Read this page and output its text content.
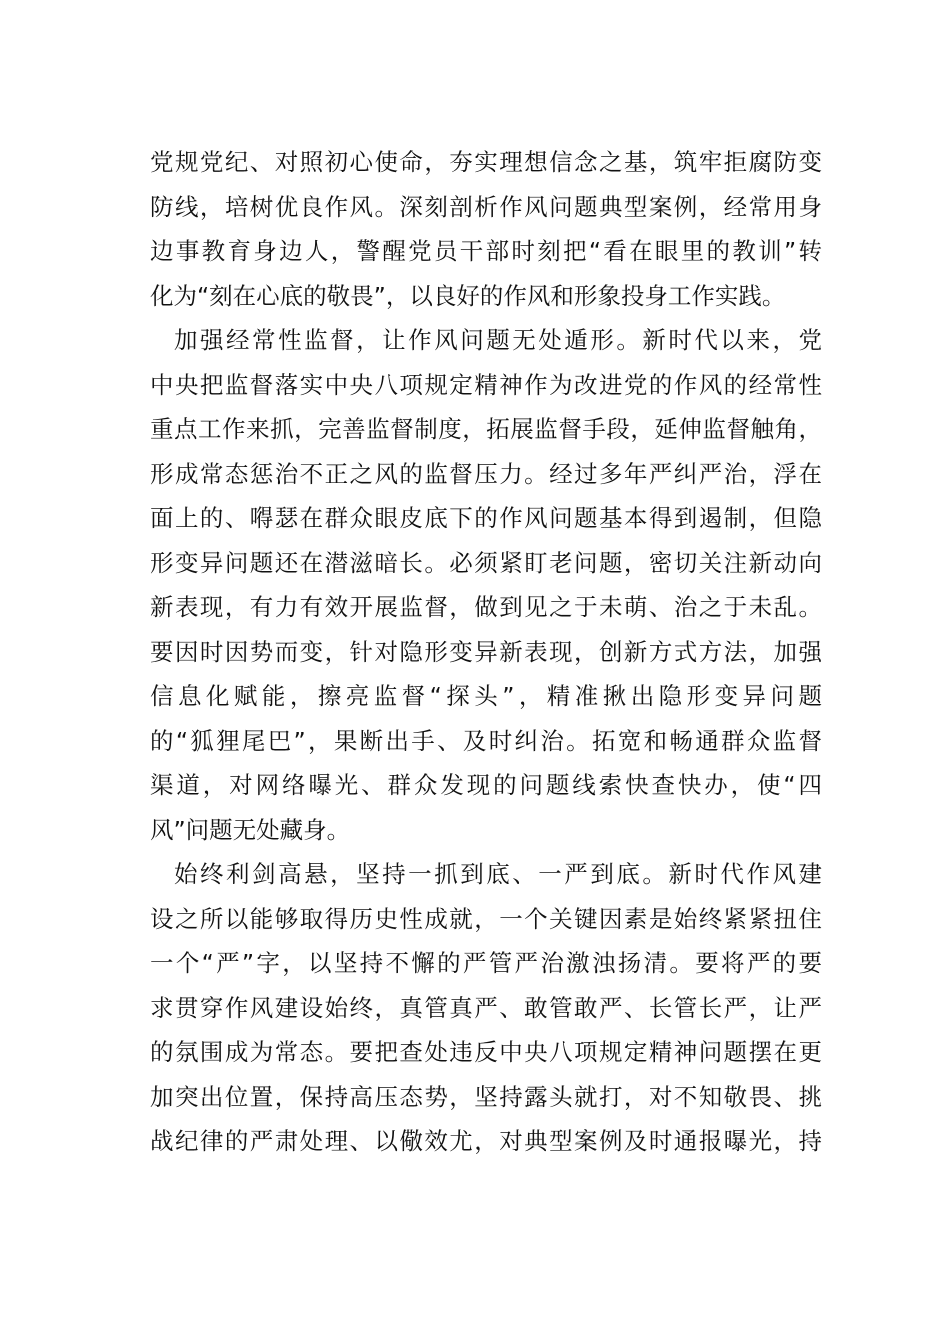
党规党纪、对照初心使命，夯实理想信念之基，筑牢拒腐防变
防线，培树优良作风。深刻剖析作风问题典型案例，经常用身
边事教育身边人，警醒党员干部时刻把“看在眼里的教训”转
化为“刻在心底的敬畏”，以良好的作风和形象投身工作实践。
加强经常性监督，让作风问题无处遁形。新时代以来，党
中央把监督落实中央八项规定精神作为改进党的作风的经常性
重点工作来抓，完善监督制度，拓展监督手段，延伸监督触角，
形成常态惩治不正之风的监督压力。经过多年严纠严治，浮在
面上的、嘚瑟在群众眼皮底下的作风问题基本得到遏制，但隐
形变异问题还在潜滋暗长。必须紧盯老问题，密切关注新动向
新表现，有力有效开展监督，做到见之于未萌、治之于未乱。
要因时因势而变，针对隐形变异新表现，创新方式方法，加强
信息化赋能，擦亮监督“探头”，精准揪出隐形变异问题
的“狐狸尾巴”，果断出手、及时纠治。拓宽和畅通群众监督
渠道，对网络曝光、群众发现的问题线索快查快办，使“四
风”问题无处藏身。
始终利剑高悬，坚持一抓到底、一严到底。新时代作风建
设之所以能够取得历史性成就，一个关键因素是始终紧紧扭住
一个“严”字，以坚持不懈的严管严治激浊扬清。要将严的要
求贯穿作风建设始终，真管真严、敢管敢严、长管长严，让严
的氛围成为常态。要把查处违反中央八项规定精神问题摆在更
加突出位置，保持高压态势，坚持露头就打，对不知敬畏、挑
战纪律的严肃处理、以儆效尤，对典型案例及时通报曝光，持
